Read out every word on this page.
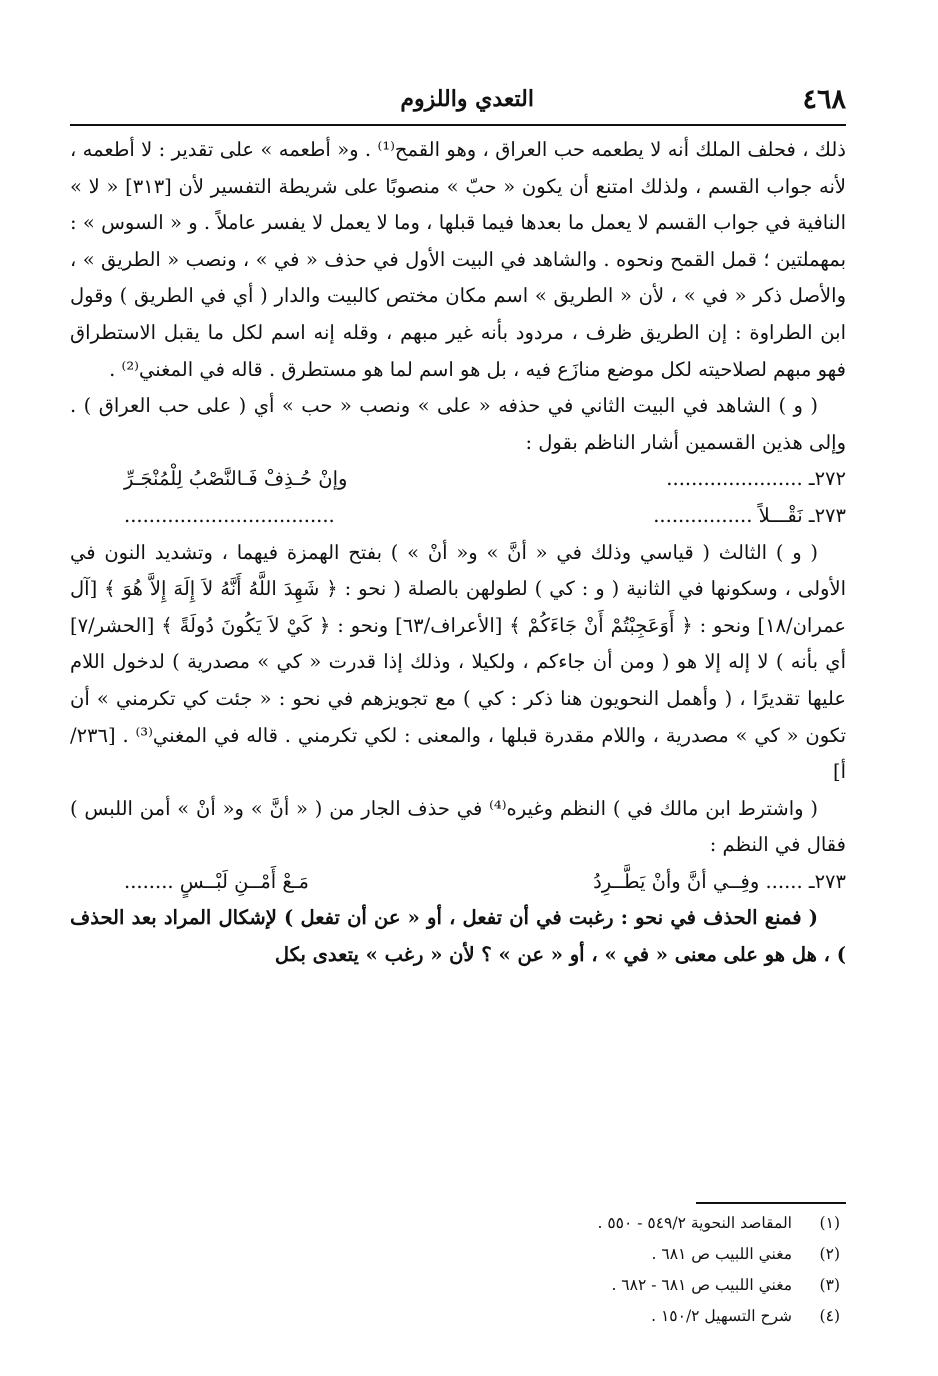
٤٦٨
التعدي واللزوم

ذلك ، فحلف الملك أنه لا يطعمه حب العراق ، وهو القمح⁽¹⁾ . و« أطعمه » على تقدير : لا أطعمه ، لأنه جواب القسم ، ولذلك امتنع أن يكون « حبّ » منصوبًا على شريطة التفسير لأن [٣١٣] « لا » النافية في جواب القسم لا يعمل ما بعدها فيما قبلها ، وما لا يعمل لا يفسر عاملاً . و « السوس » : بمهملتين ؛ قمل القمح ونحوه . والشاهد في البيت الأول في حذف « في » ، ونصب « الطريق » ، والأصل ذكر « في » ، لأن « الطريق » اسم مكان مختص كالبيت والدار ( أي في الطريق ) وقول ابن الطراوة : إن الطريق ظرف ، مردود بأنه غير مبهم ، وقله إنه اسم لكل ما يقبل الاستطراق فهو مبهم لصلاحيته لكل موضع منازَع فيه ، بل هو اسم لما هو مستطرق . قاله في المغني⁽²⁾ .

( و ) الشاهد في البيت الثاني في حذفه « على » ونصب « حب » أي ( على حب العراق ) . وإلى هذين القسمين أشار الناظم بقول :

٢٧٢ـ ......................
وإنْ حُـذِفْ فَـالنَّصْبُ لِلْمُنْجَـرِّ
٢٧٣ـ نَقْـــلاً ................
..................................

( و ) الثالث ( قياسي وذلك في « أنَّ » و« أنْ » ) بفتح الهمزة فيهما ، وتشديد النون في الأولى ، وسكونها في الثانية ( و : كي ) لطولهن بالصلة ( نحو : ﴿ شَهِدَ اللَّهُ أَنَّهُ لاَ إِلَهَ إِلاَّ هُوَ ﴾ [آل عمران/١٨] ونحو : ﴿ أَوَعَجِبْتُمْ أَنْ جَاءَكُمْ ﴾ [الأعراف/٦٣] ونحو : ﴿ كَيْ لاَ يَكُونَ دُولَةً ﴾ [الحشر/٧] أي بأنه ) لا إله إلا هو ( ومن أن جاءكم ، ولكيلا ، وذلك إذا قدرت « كي » مصدرية ) لدخول اللام عليها تقديرًا ، ( وأهمل النحويون هنا ذكر : كي ) مع تجويزهم في نحو : « جئت كي تكرمني » أن تكون « كي » مصدرية ، واللام مقدرة قبلها ، والمعنى : لكي تكرمني . قاله في المغني⁽³⁾ . [٢٣٦/أ]

( واشترط ابن مالك في ) النظم وغيره⁽⁴⁾ في حذف الجار من ( « أنَّ » و« أنْ » أمن اللبس ) فقال في النظم :

٢٧٣ـ ...... وفِــي أنَّ وأنْ يَطَّــرِدُ
مَـعْ أَمْــنِ لَبْــسٍ ........

( فمنع الحذف في نحو : رغبت في أن تفعل ، أو « عن أن تفعل ) لإشكال المراد بعد الحذف ) ، هل هو على معنى « في » ، أو « عن » ؟ لأن « رغب » يتعدى بكل

(١)
المقاصد النحوية ٥٤٩/٢ - ٥٥٠ .
(٢)
مغني اللبيب ص ٦٨١ .
(٣)
مغني اللبيب ص ٦٨١ - ٦٨٢ .
(٤)
شرح التسهيل ١٥٠/٢ .
